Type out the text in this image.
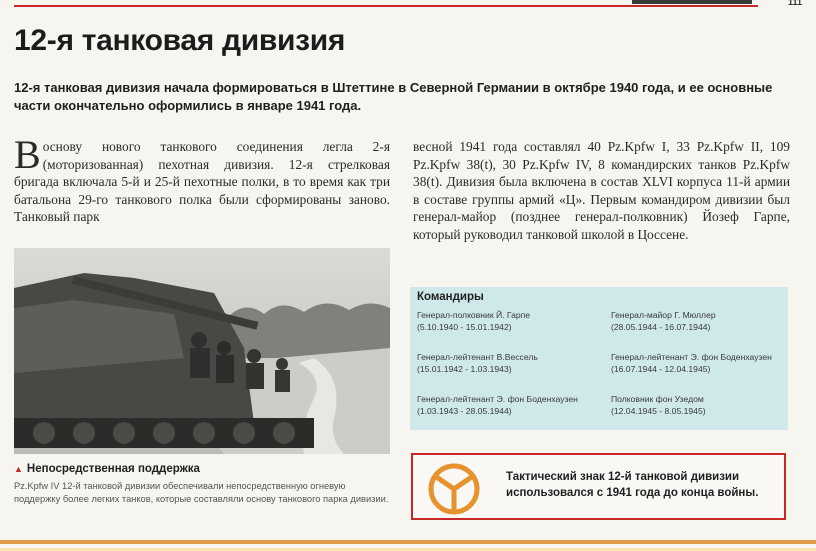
111
12-я танковая дивизия
12-я танковая дивизия начала формироваться в Штеттине в Северной Германии в октябре 1940 года, и ее основные части окончательно оформились в январе 1941 года.
Воснову нового танкового соединения легла 2-я (моторизованная) пехотная дивизия. 12-я стрелковая бригада включала 5-й и 25-й пехотные полки, в то время как три батальона 29-го танкового полка были сформированы заново. Танковый парк
весной 1941 года составлял 40 Pz.Kpfw I, 33 Pz.Kpfw II, 109 Pz.Kpfw 38(t), 30 Pz.Kpfw IV, 8 командирских танков Pz.Kpfw 38(t). Дивизия была включена в состав XLVI корпуса 11-й армии в составе группы армий «Ц». Первым командиром дивизии был генерал-майор (позднее генерал-полковник) Йозеф Гарпе, который руководил танковой школой в Цоссене.
▲ Непосредственная поддержка
Pz.Kpfw IV 12-й танковой дивизии обеспечивали непосредственную огневую поддержку более легких танков, которые составляли основу танкового парка дивизии.
Командиры
Генерал-полковник Й. Гарпе
(5.10.1940 - 15.01.1942)
Генерал-майор Г. Мюллер
(28.05.1944 - 16.07.1944)
Генерал-лейтенант В.Вессель
(15.01.1942 - 1.03.1943)
Генерал-лейтенант Э. фон Боденхаузен
(16.07.1944 - 12.04.1945)
Генерал-лейтенант Э. фон Боденхаузен
(1.03.1943 - 28.05.1944)
Полковник фон Узедом
(12.04.1945 - 8.05.1945)
Тактический знак 12-й танковой дивизии использовался с 1941 года до конца войны.
